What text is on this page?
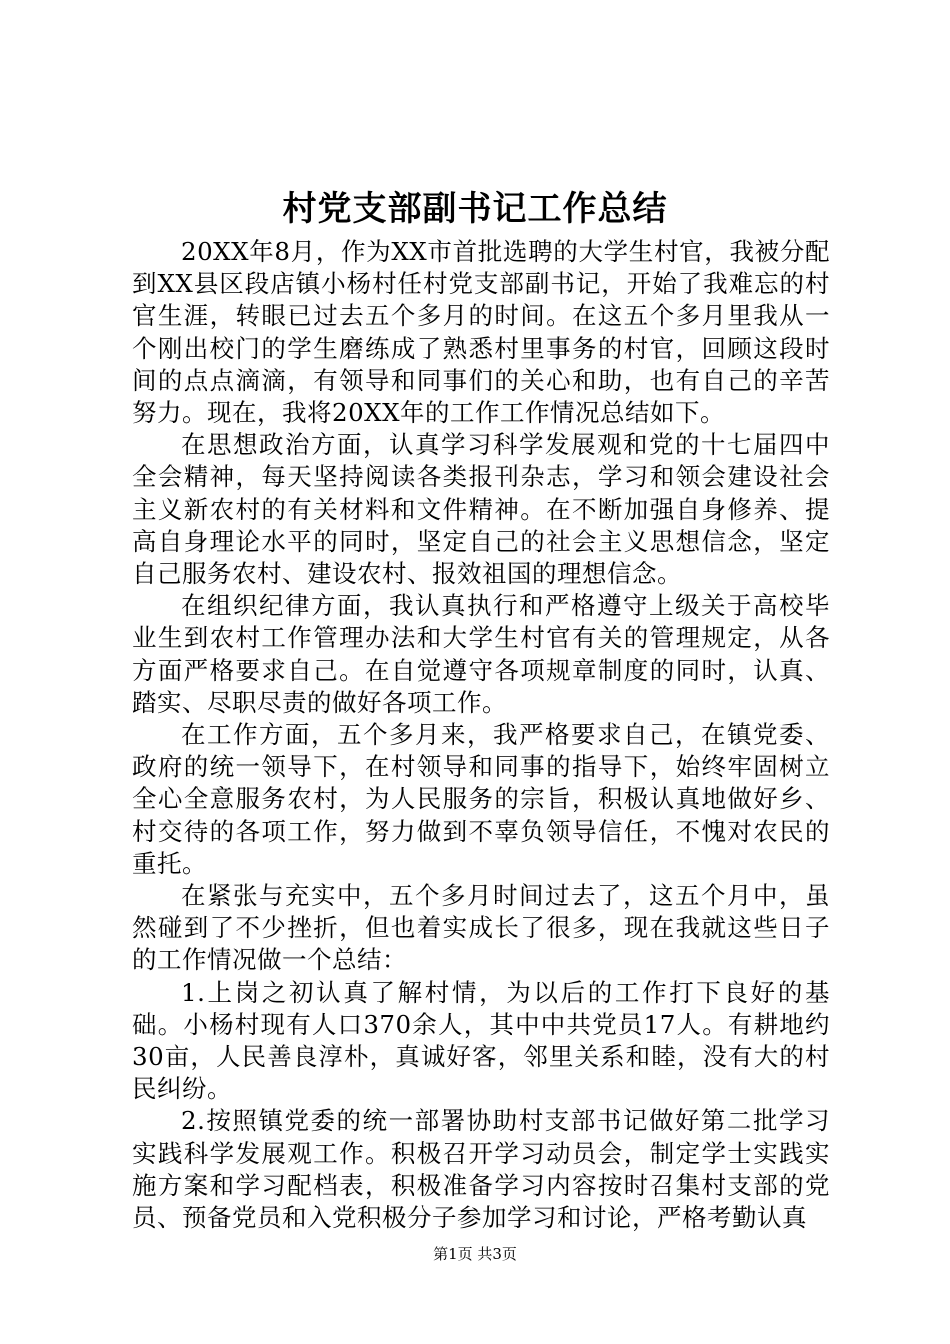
村党支部副书记工作总结

20XX年8月，作为XX市首批选聘的大学生村官，我被分配到XX县区段店镇小杨村任村党支部副书记，开始了我难忘的村官生涯，转眼已过去五个多月的时间。在这五个多月里我从一个刚出校门的学生磨练成了熟悉村里事务的村官，回顾这段时间的点点滴滴，有领导和同事们的关心和助，也有自己的辛苦努力。现在，我将20XX年的工作工作情况总结如下。

在思想政治方面，认真学习科学发展观和党的十七届四中全会精神，每天坚持阅读各类报刊杂志，学习和领会建设社会主义新农村的有关材料和文件精神。在不断加强自身修养、提高自身理论水平的同时，坚定自己的社会主义思想信念，坚定自己服务农村、建设农村、报效祖国的理想信念。

在组织纪律方面，我认真执行和严格遵守上级关于高校毕业生到农村工作管理办法和大学生村官有关的管理规定，从各方面严格要求自己。在自觉遵守各项规章制度的同时，认真、踏实、尽职尽责的做好各项工作。

在工作方面，五个多月来，我严格要求自己，在镇党委、政府的统一领导下，在村领导和同事的指导下，始终牢固树立全心全意服务农村，为人民服务的宗旨，积极认真地做好乡、村交待的各项工作，努力做到不辜负领导信任，不愧对农民的重托。

在紧张与充实中，五个多月时间过去了，这五个月中，虽然碰到了不少挫折，但也着实成长了很多，现在我就这些日子的工作情况做一个总结：

1.上岗之初认真了解村情，为以后的工作打下良好的基础。小杨村现有人口370余人，其中中共党员17人。有耕地约30亩，人民善良淳朴，真诚好客，邻里关系和睦，没有大的村民纠纷。

2.按照镇党委的统一部署协助村支部书记做好第二批学习实践科学发展观工作。积极召开学习动员会，制定学士实践实施方案和学习配档表，积极准备学习内容按时召集村支部的党员、预备党员和入党积极分子参加学习和讨论，严格考勤认真

第1页 共3页
